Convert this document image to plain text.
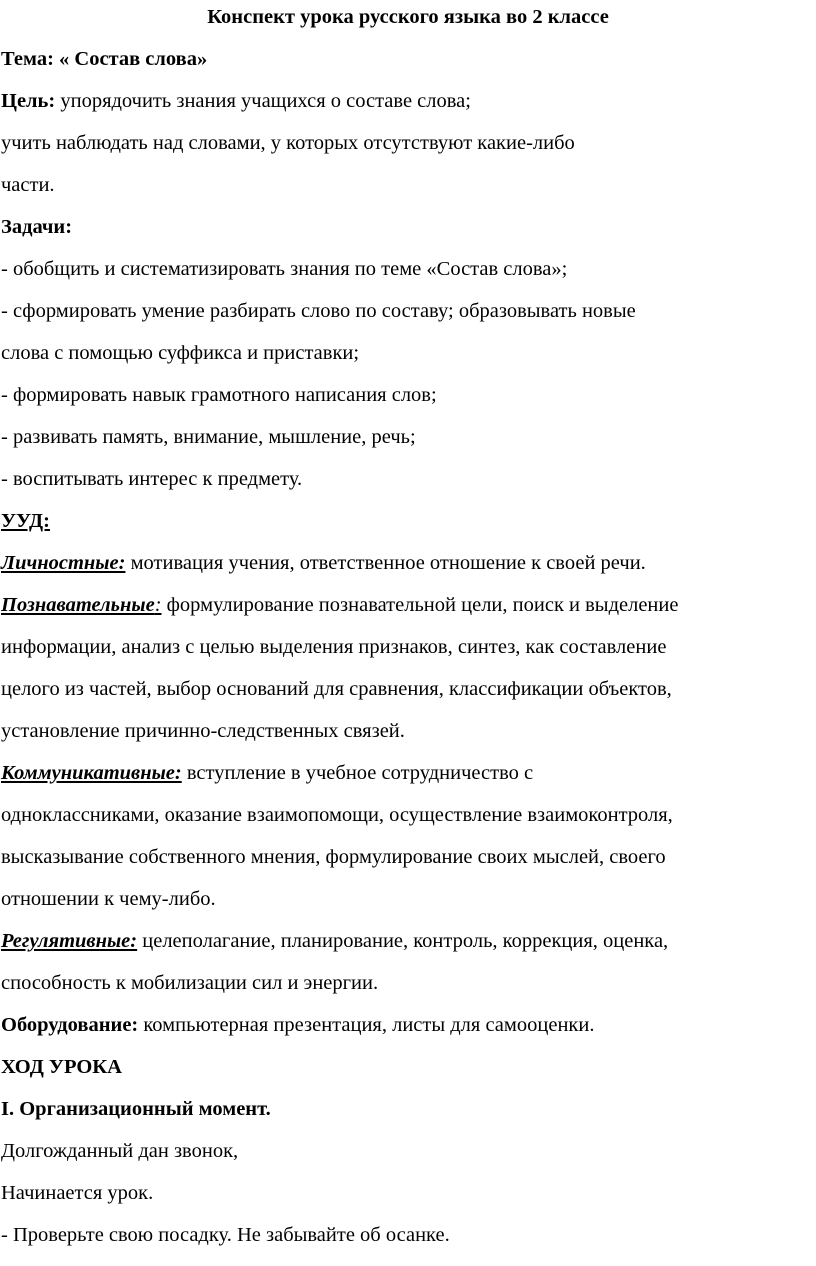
Конспект урока русского языка во 2 классе
Тема: « Состав слова»
Цель: упорядочить знания учащихся о составе слова;
учить наблюдать над словами, у которых отсутствуют какие-либо
части.
Задачи:
- обобщить и систематизировать знания по теме «Состав слова»;
- сформировать умение разбирать слово по составу; образовывать новые
слова с помощью суффикса и приставки;
- формировать навык грамотного написания слов;
- развивать память, внимание, мышление, речь;
- воспитывать интерес к предмету.
УУД:
Личностные: мотивация учения, ответственное отношение к своей речи.
Познавательные: формулирование познавательной цели, поиск и выделение
информации, анализ с целью выделения признаков, синтез, как составление
целого из частей, выбор оснований для сравнения, классификации объектов,
установление причинно-следственных связей.
Коммуникативные: вступление в учебное сотрудничество с
одноклассниками, оказание взаимопомощи, осуществление взаимоконтроля,
высказывание собственного мнения, формулирование своих мыслей, своего
отношении к чему-либо.
Регулятивные: целеполагание, планирование, контроль, коррекция, оценка,
способность к мобилизации сил и энергии.
Оборудование: компьютерная презентация, листы для самооценки.
ХОД УРОКА
I. Организационный момент.
Долгожданный дан звонок,
Начинается урок.
- Проверьте свою посадку. Не забывайте об осанке.
